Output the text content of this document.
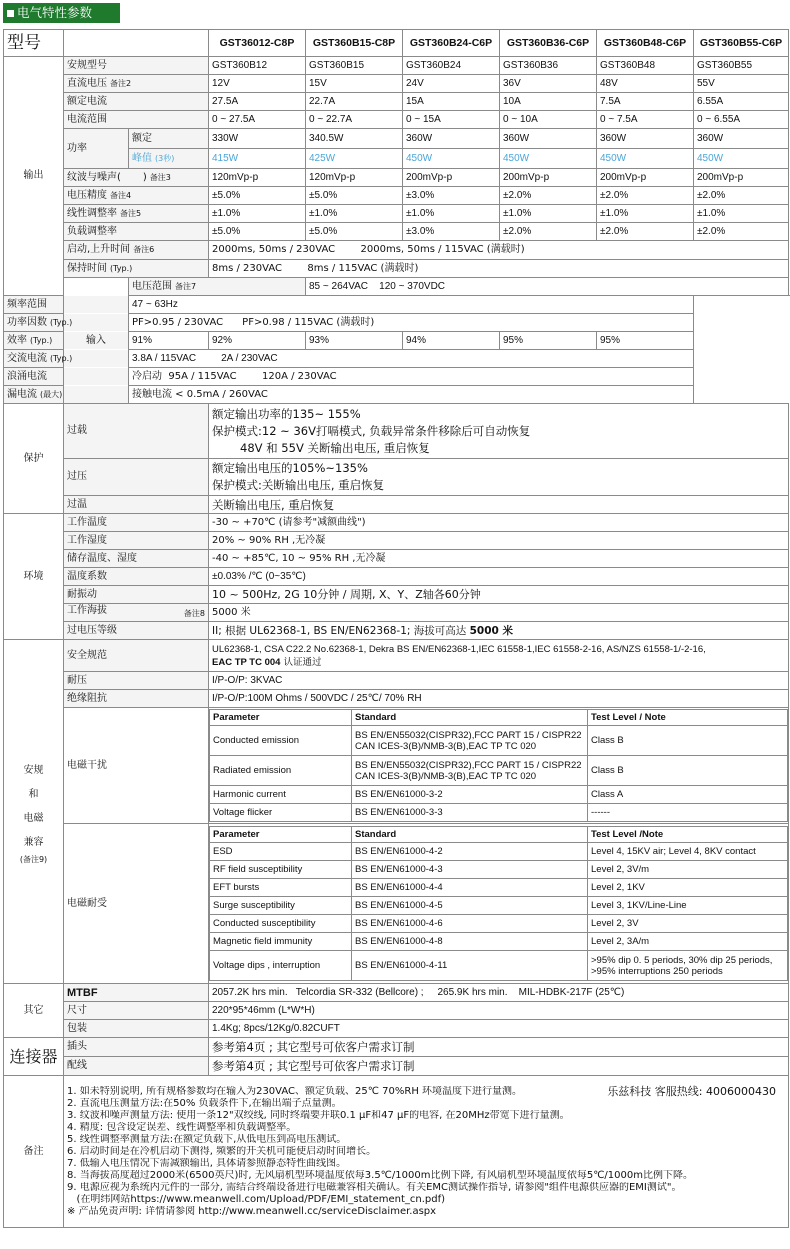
电气特性参数
型号		GST36012-C8P	GST360B15-C8P	GST360B24-C6P	GST360B36-C6P	GST360B48-C6P	GST360B55-C6P
输出	安规型号	GST360B12	GST360B15	GST360B24	GST360B36	GST360B48	GST360B55
直流电压 备注2	12V	15V	24V	36V	48V	55V
额定电流	27.5A	22.7A	15A	10A	7.5A	6.55A
电流范围	0 ~ 27.5A	0 ~ 22.7A	0 ~ 15A	0 ~ 10A	0 ~ 7.5A	0 ~ 6.55A
功率	额定	330W	340.5W	360W	360W	360W	360W
峰值 (3秒)	415W	425W	450W	450W	450W	450W
纹波与噪声( ) 备注3	120mVp-p	120mVp-p	200mVp-p	200mVp-p	200mVp-p	200mVp-p
电压精度 备注4	±5.0%	±5.0%	±3.0%	±2.0%	±2.0%	±2.0%
线性调整率 备注5	±1.0%	±1.0%	±1.0%	±1.0%	±1.0%	±1.0%
负载调整率	±5.0%	±5.0%	±3.0%	±2.0%	±2.0%	±2.0%
启动,上升时间 备注6	2000ms, 50ms / 230VAC        2000ms, 50ms / 115VAC (满载时)
保持时间 (Typ.)	8ms / 230VAC        8ms / 115VAC (满载时)
输入	电压范围 备注7	85 ~ 264VAC    120 ~ 370VDC
频率范围	47 ~ 63Hz
功率因数 (Typ.)	PF>0.95 / 230VAC      PF>0.98 / 115VAC (满载时)
效率 (Typ.)	91%	92%	93%	94%	95%	95%
交流电流 (Typ.)	3.8A / 115VAC         2A / 230VAC
浪涌电流	冷启动  95A / 115VAC        120A / 230VAC
漏电流 (最大)	接触电流 < 0.5mA / 260VAC
保护	过载	
额定输出功率的135~ 155%
保护模式:12 ~ 36V打嗝模式, 负载异常条件移除后可自动恢复
48V 和 55V 关断输出电压, 重启恢复

过压	
额定输出电压的105%~135%
保护模式:关断输出电压, 重启恢复

过温	关断输出电压, 重启恢复
环境	工作温度	-30 ~ +70℃ (请参考"减额曲线")
工作湿度	20% ~ 90% RH ,无冷凝
储存温度、湿度	-40 ~ +85℃, 10 ~ 95% RH ,无冷凝
温度系数	±0.03% /℃ (0~35℃)
耐振动	10 ~ 500Hz, 2G 10分钟 / 周期, X、Y、Z轴各60分钟
工作海拔	备注8	5000 米
过电压等级	II; 根据 UL62368-1, BS EN/EN62368-1; 海拔可高达 5000 米

安规
和
电磁
兼容
(备注9)
	安全规范	
UL62368-1, CSA C22.2 No.62368-1, Dekra BS EN/EN62368-1,IEC 61558-1,IEC 61558-2-16, AS/NZS 61558-1/-2-16,
EAC TP TC 004 认证通过

耐压	I/P-O/P: 3KVAC
绝缘阻抗	I/P-O/P:100M Ohms / 500VDC / 25℃/ 70% RH
电磁干扰	
Parameter	Standard	Test Level / Note
Conducted emission	BS EN/EN55032(CISPR32),FCC PART 15 / CISPR22 CAN ICES-3(B)/NMB-3(B),EAC TP TC 020	Class B
Radiated emission	BS EN/EN55032(CISPR32),FCC PART 15 / CISPR22 CAN ICES-3(B)/NMB-3(B),EAC TP TC 020	Class B
Harmonic current	BS EN/EN61000-3-2	Class A
Voltage flicker	BS EN/EN61000-3-3	------

电磁耐受	
Parameter	Standard	Test Level /Note
ESD	BS EN/EN61000-4-2	Level 4, 15KV air; Level 4, 8KV contact
RF field susceptibility	BS EN/EN61000-4-3	Level 2, 3V/m
EFT bursts	BS EN/EN61000-4-4	Level 2, 1KV
Surge susceptibility	BS EN/EN61000-4-5	Level 3, 1KV/Line-Line
Conducted susceptibility	BS EN/EN61000-4-6	Level 2, 3V
Magnetic field immunity	BS EN/EN61000-4-8	Level 2, 3A/m
Voltage dips , interruption	BS EN/EN61000-4-11	>95% dip 0. 5 periods, 30% dip 25 periods, >95% interruptions 250 periods

其它	MTBF	2057.2K hrs min.   Telcordia SR-332 (Bellcore) ;     265.9K hrs min.    MIL-HDBK-217F (25℃)
尺寸	220*95*46mm (L*W*H)
包装	1.4Kg; 8pcs/12Kg/0.82CUFT
连接器	插头	参考第4页 ; 其它型号可依客户需求订制
配线	参考第4页 ; 其它型号可依客户需求订制
备注	
乐兹科技 客服热线: 4006000430
1. 如未特别说明, 所有规格参数均在输入为230VAC、额定负载、25℃ 70%RH 环境温度下进行量测。
2. 直流电压测量方法:在50% 负载条件下,在输出端子点量测。
3. 纹波和噪声测量方法: 使用一条12"双绞线, 同时终端要并联0.1 μF和47 μF的电容, 在20MHz带宽下进行量测。
4. 精度: 包含设定误差、线性调整率和负载调整率。
5. 线性调整率测量方法:在额定负载下,从低电压到高电压测试。
6. 启动时间是在冷机启动下测得, 频繁的开关机可能使启动时间增长。
7. 低输入电压情况下需减额输出, 具体请参照静态特性曲线图。
8. 当海拔高度超过2000米(6500英尺)时, 无风扇机型环境温度依每3.5℃/1000m比例下降, 有风扇机型环境温度依每5℃/1000m比例下降。
9. 电源应视为系统内元件的一部分, 需结合终端设备进行电磁兼容相关确认。有关EMC测试操作指导, 请参阅"组件电源供应器的EMI测试"。
(在明纬网站https://www.meanwell.com/Upload/PDF/EMI_statement_cn.pdf)
※ 产品免责声明: 详情请参阅 http://www.meanwell.cc/serviceDisclaimer.aspx
